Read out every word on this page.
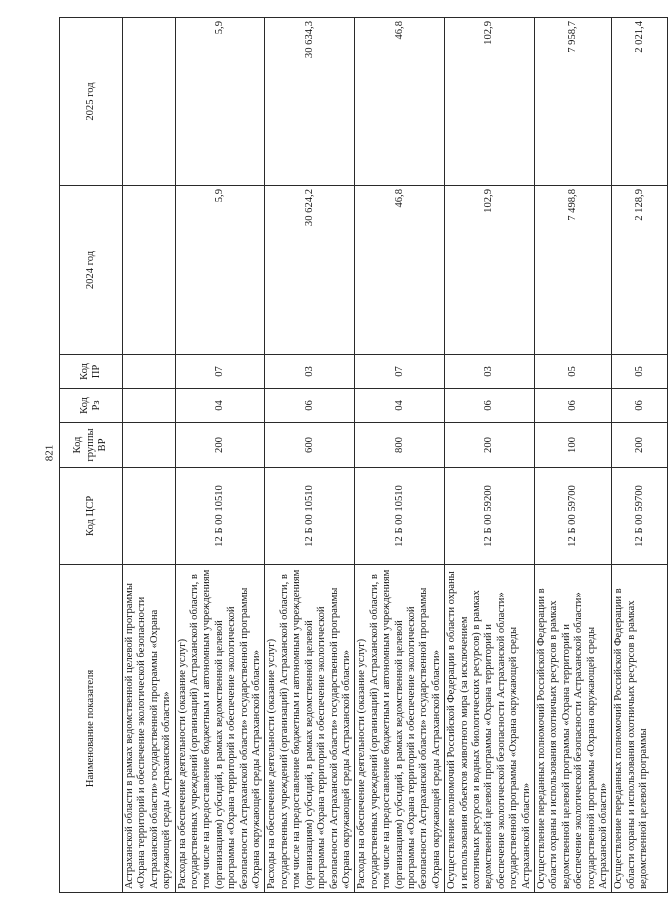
821
Наименование показателя	Код ЦСР	Код группы ВР	Код Рз	Код ПР	2024 год	2025 год
Астраханской области в рамках ведомственной целевой программы «Охрана территорий и обеспечение экологической безопасности Астраханской области» государственной программы «Охрана окружающей среды Астраханской области»						
Расходы на обеспечение деятельности (оказание услуг) государственных учреждений (организаций) Астраханской области, в том числе на предоставление бюджетным и автономным учреждениям (организациям) субсидий, в рамках ведомственной целевой программы «Охрана территорий и обеспечение экологической безопасности Астраханской области» государственной программы «Охрана окружающей среды Астраханской области»	12 Б 00 10510	200	04	07	5,9	5,9
Расходы на обеспечение деятельности (оказание услуг) государственных учреждений (организаций) Астраханской области, в том числе на предоставление бюджетным и автономным учреждениям (организациям) субсидий, в рамках ведомственной целевой программы «Охрана территорий и обеспечение экологической безопасности Астраханской области» государственной программы «Охрана окружающей среды Астраханской области»	12 Б 00 10510	600	06	03	30 624,2	30 634,3
Расходы на обеспечение деятельности (оказание услуг) государственных учреждений (организаций) Астраханской области, в том числе на предоставление бюджетным и автономным учреждениям (организациям) субсидий, в рамках ведомственной целевой программы «Охрана территорий и обеспечение экологической безопасности Астраханской области» государственной программы «Охрана окружающей среды Астраханской области»	12 Б 00 10510	800	04	07	46,8	46,8
Осуществление полномочий Российской Федерации в области охраны и использования объектов животного мира (за исключением охотничьих ресурсов и водных биологических ресурсов) в рамках ведомственной целевой программы «Охрана территорий и обеспечение экологической безопасности Астраханской области» государственной программы «Охрана окружающей среды Астраханской области»	12 Б 00 59200	200	06	03	102,9	102,9
Осуществление переданных полномочий Российской Федерации в области охраны и использования охотничьих ресурсов в рамках ведомственной целевой программы «Охрана территорий и обеспечение экологической безопасности Астраханской области» государственной программы «Охрана окружающей среды Астраханской области»	12 Б 00 59700	100	06	05	7 498,8	7 958,7
Осуществление переданных полномочий Российской Федерации в области охраны и использования охотничьих ресурсов в рамках ведомственной целевой программы	12 Б 00 59700	200	06	05	2 128,9	2 021,4
